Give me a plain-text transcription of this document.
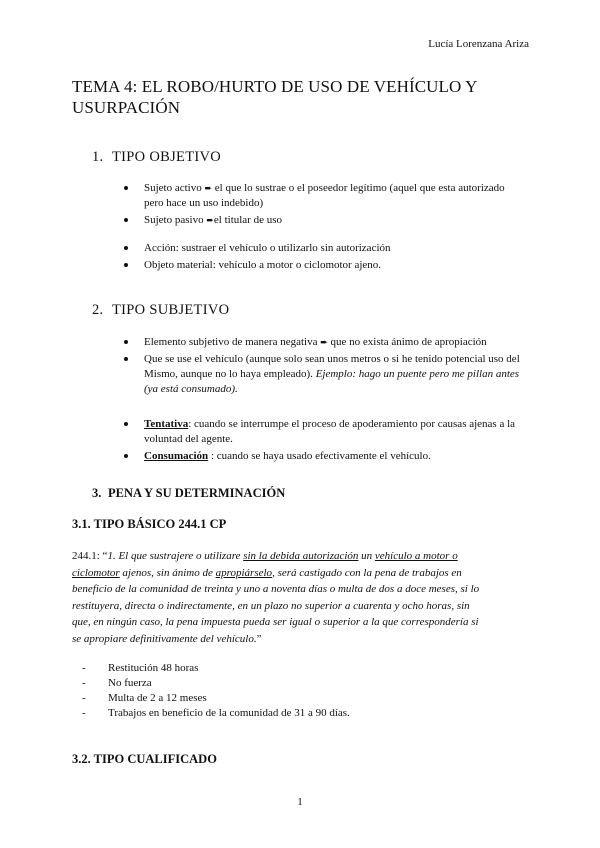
Lucía Lorenzana Ariza
TEMA 4: EL ROBO/HURTO DE USO DE VEHÍCULO Y
USURPACIÓN
1. TIPO OBJETIVO
Sujeto activo ➨ el que lo sustrae o el poseedor legítimo (aquel que esta autorizado
pero hace un uso indebido)
Sujeto pasivo ➨el titular de uso
Acción: sustraer el vehículo o utilizarlo sin autorización
Objeto material: vehículo a motor o ciclomotor ajeno.
2. TIPO SUBJETIVO
Elemento subjetivo de manera negativa ➨ que no exista ánimo de apropiación
Que se use el vehículo (aunque solo sean unos metros o si he tenido potencial uso del
Mismo, aunque no lo haya empleado). Ejemplo: hago un puente pero me pillan antes
(ya está consumado).
Tentativa: cuando se interrumpe el proceso de apoderamiento por causas ajenas a la
voluntad del agente.
Consumación : cuando se haya usado efectivamente el vehículo.
3. PENA Y SU DETERMINACIÓN
3.1. TIPO BÁSICO 244.1 CP
244.1: “1. El que sustrajere o utilizare sin la debida autorización un vehículo a motor o
ciclomotor ajenos, sin ánimo de apropiárselo, será castigado con la pena de trabajos en
beneficio de la comunidad de treinta y uno a noventa días o multa de dos a doce meses, si lo
restituyera, directa o indirectamente, en un plazo no superior a cuarenta y ocho horas, sin
que, en ningún caso, la pena impuesta pueda ser igual o superior a la que correspondería si
se apropiare definitivamente del vehículo.”
- Restitución 48 horas
- No fuerza
- Multa de 2 a 12 meses
- Trabajos en beneficio de la comunidad de 31 a 90 días.
3.2. TIPO CUALIFICADO
1
